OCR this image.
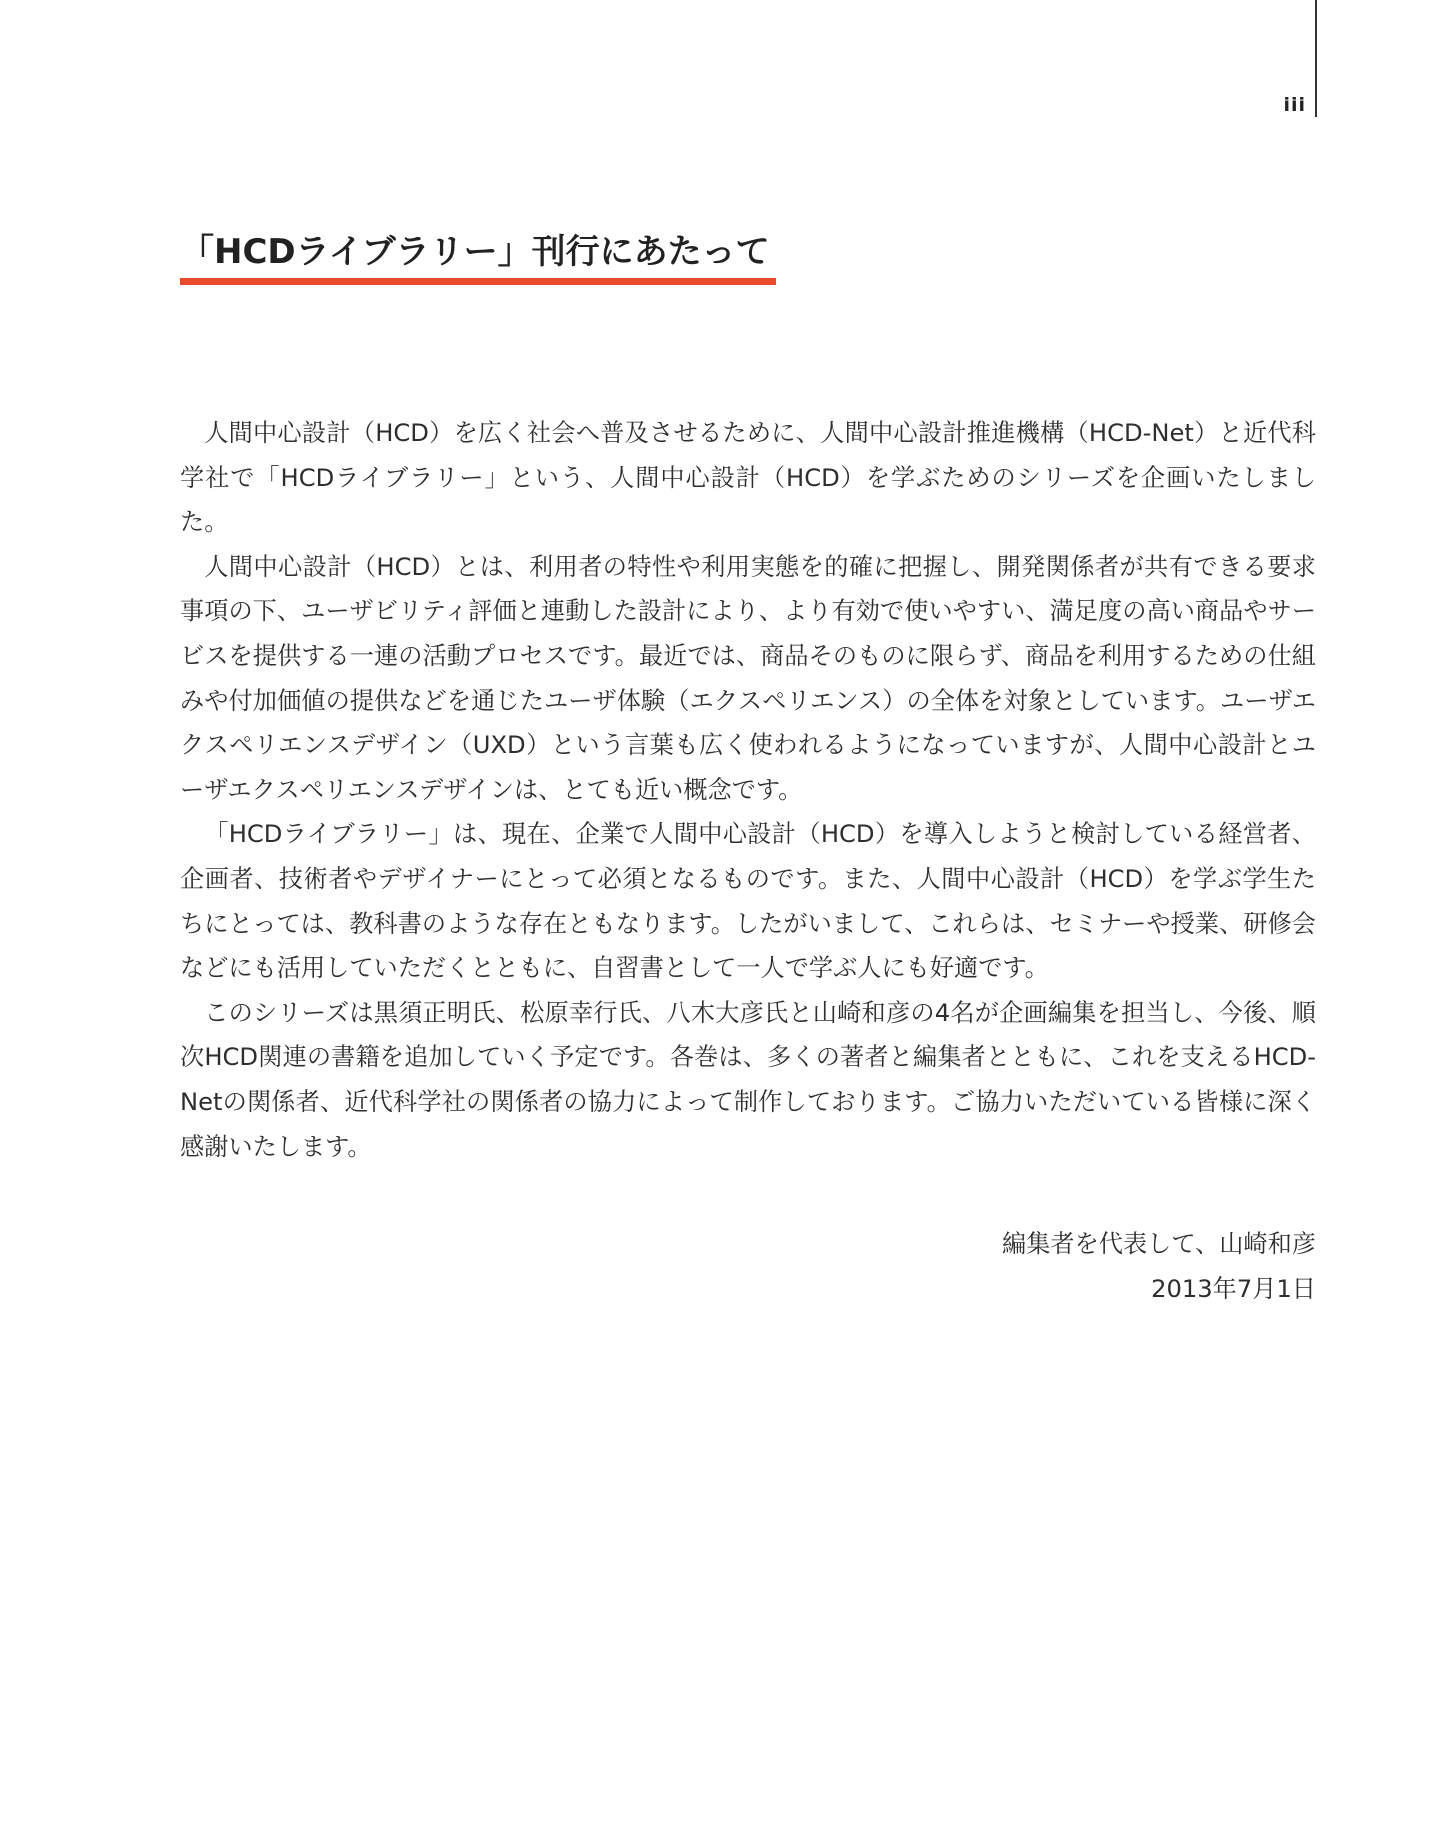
iii
「HCDライブラリー」刊行にあたって

人間中心設計（HCD）を広く社会へ普及させるために、人間中心設計推進機構（HCD-Net）と近代科学社で「HCDライブラリー」という、人間中心設計（HCD）を学ぶためのシリーズを企画いたしました。

人間中心設計（HCD）とは、利用者の特性や利用実態を的確に把握し、開発関係者が共有できる要求事項の下、ユーザビリティ評価と連動した設計により、より有効で使いやすい、満足度の高い商品やサービスを提供する一連の活動プロセスです。最近では、商品そのものに限らず、商品を利用するための仕組みや付加価値の提供などを通じたユーザ体験（エクスペリエンス）の全体を対象としています。ユーザエクスペリエンスデザイン（UXD）という言葉も広く使われるようになっていますが、人間中心設計とユーザエクスペリエンスデザインは、とても近い概念です。

「HCDライブラリー」は、現在、企業で人間中心設計（HCD）を導入しようと検討している経営者、企画者、技術者やデザイナーにとって必須となるものです。また、人間中心設計（HCD）を学ぶ学生たちにとっては、教科書のような存在ともなります。したがいまして、これらは、セミナーや授業、研修会などにも活用していただくとともに、自習書として一人で学ぶ人にも好適です。

このシリーズは黒須正明氏、松原幸行氏、八木大彦氏と山崎和彦の4名が企画編集を担当し、今後、順次HCD関連の書籍を追加していく予定です。各巻は、多くの著者と編集者とともに、これを支えるHCD-Netの関係者、近代科学社の関係者の協力によって制作しております。ご協力いただいている皆様に深く感謝いたします。

編集者を代表して、山崎和彦
2013年7月1日
